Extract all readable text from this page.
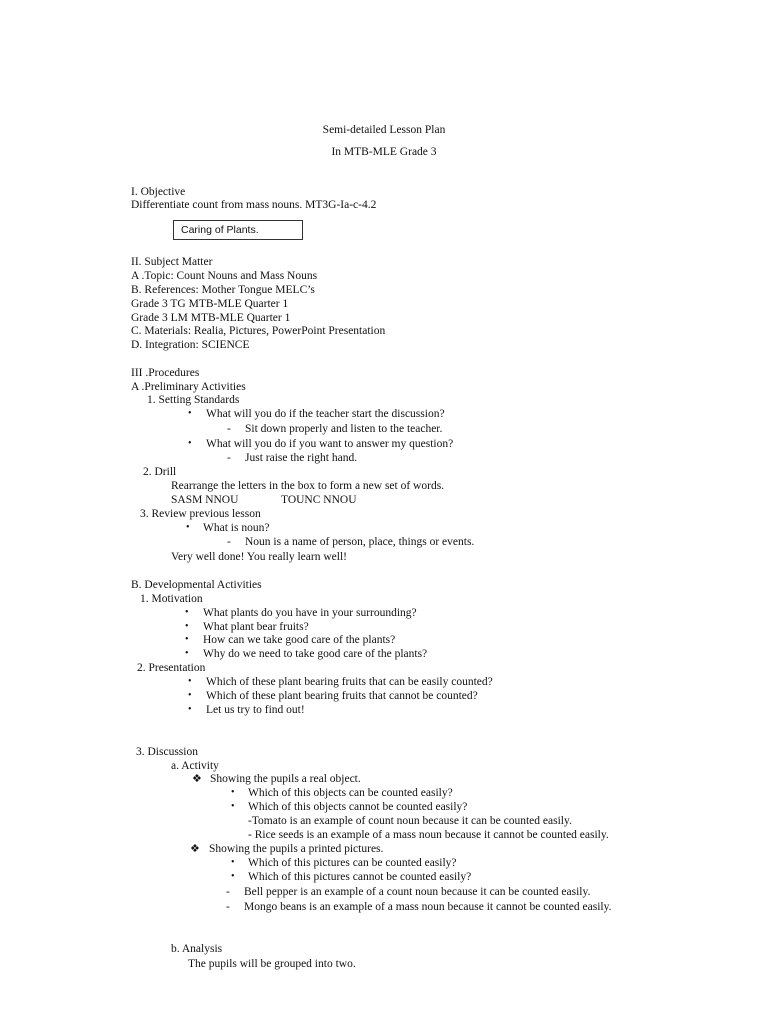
Semi-detailed Lesson Plan
In MTB-MLE Grade 3
I. Objective
Differentiate count from mass nouns. MT3G-Ia-c-4.2
Caring of Plants.
II. Subject Matter
A .Topic: Count Nouns and Mass Nouns
B. References: Mother Tongue MELC’s
Grade 3 TG MTB-MLE Quarter 1
Grade 3 LM MTB-MLE Quarter 1
C. Materials: Realia, Pictures, PowerPoint Presentation
D. Integration: SCIENCE
III .Procedures
A .Preliminary Activities
1. Setting Standards
• What will you do if the teacher start the discussion?
- Sit down properly and listen to the teacher.
• What will you do if you want to answer my question?
- Just raise the right hand.
2. Drill
Rearrange the letters in the box to form a new set of words.
SASM NNOU	TOUNC NNOU
3. Review previous lesson
• What is noun?
- Noun is a name of person, place, things or events.
Very well done! You really learn well!
B. Developmental Activities
1. Motivation
• What plants do you have in your surrounding?
• What plant bear fruits?
• How can we take good care of the plants?
• Why do we need to take good care of the plants?
2. Presentation
• Which of these plant bearing fruits that can be easily counted?
• Which of these plant bearing fruits that cannot be counted?
• Let us try to find out!
3. Discussion
a. Activity
❖ Showing the pupils a real object.
• Which of this objects can be counted easily?
• Which of this objects cannot be counted easily?
-Tomato is an example of count noun because it can be counted easily.
- Rice seeds is an example of a mass noun because it cannot be counted easily.
❖ Showing the pupils a printed pictures.
• Which of this pictures can be counted easily?
• Which of this pictures cannot be counted easily?
- Bell pepper is an example of a count noun because it can be counted easily.
- Mongo beans is an example of a mass noun because it cannot be counted easily.
b. Analysis
The pupils will be grouped into two.
